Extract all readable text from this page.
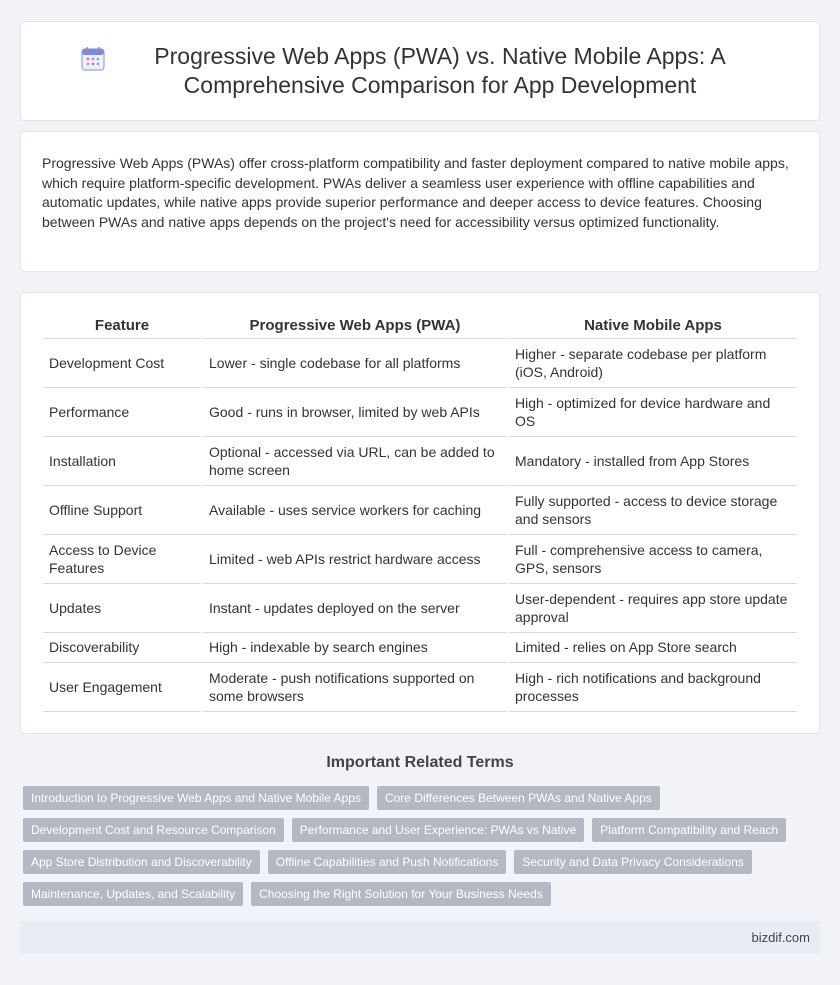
Progressive Web Apps (PWA) vs. Native Mobile Apps: A Comprehensive Comparison for App Development

Progressive Web Apps (PWAs) offer cross-platform compatibility and faster deployment compared to native mobile apps, which require platform-specific development. PWAs deliver a seamless user experience with offline capabilities and automatic updates, while native apps provide superior performance and deeper access to device features. Choosing between PWAs and native apps depends on the project's need for accessibility versus optimized functionality.

Feature	Progressive Web Apps (PWA)	Native Mobile Apps
Development Cost	Lower - single codebase for all platforms	Higher - separate codebase per platform (iOS, Android)
Performance	Good - runs in browser, limited by web APIs	High - optimized for device hardware and OS
Installation	Optional - accessed via URL, can be added to home screen	Mandatory - installed from App Stores
Offline Support	Available - uses service workers for caching	Fully supported - access to device storage and sensors
Access to Device Features	Limited - web APIs restrict hardware access	Full - comprehensive access to camera, GPS, sensors
Updates	Instant - updates deployed on the server	User-dependent - requires app store update approval
Discoverability	High - indexable by search engines	Limited - relies on App Store search
User Engagement	Moderate - push notifications supported on some browsers	High - rich notifications and background processes
Important Related Terms
Introduction to Progressive Web Apps and Native Mobile Apps	Core Differences Between PWAs and Native Apps
Development Cost and Resource Comparison	Performance and User Experience: PWAs vs Native	Platform Compatibility and Reach
App Store Distribution and Discoverability	Offline Capabilities and Push Notifications	Security and Data Privacy Considerations
Maintenance, Updates, and Scalability	Choosing the Right Solution for Your Business Needs
bizdif.com
